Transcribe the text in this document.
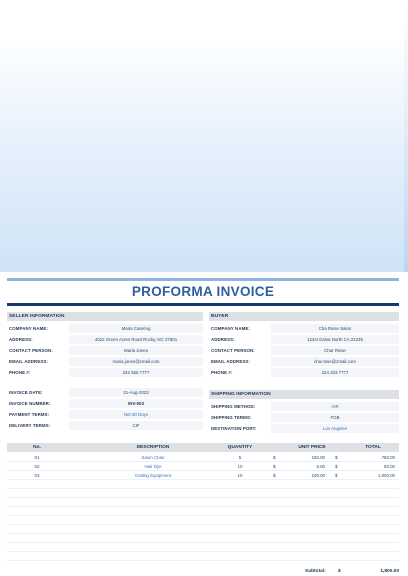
PROFORMA INVOICE
SELLER INFORMATION
COMPANY NAME:	Maria Catering
ADDRESS:	4022 Green Acres Road Rocky, NC 27801
CONTACT PERSON:	Maria Jones
EMAIL ADDRESS:	maria.jones@zmail.com
PHONE #:	222 555 7777
BUYER
COMPANY NAME:	Cha Risse Salon
ADDRESS:	123st Galva North CA 22235
CONTACT PERSON:	Char Risse
EMAIL ADDRESS:	cha.risse@zmail.com
PHONE #:	224 333 7777
INVOICE DATE:	31-Aug-2023
INVOICE NUMBER:	INV-003
PAYMENT TERMS:	Net 30 Days
DELIVERY TERMS:	CIF
SHIPPING INFORMATION
SHIPPING METHOD:	AIR
SHIPPING TERMS:	FOB
DESTINATION PORT:	Los Angeles
No.	DESCRIPTION	QUANTITY	UNIT PRICE	TOTAL
01	Salon Chair	5	$	150.00 $	750.00
02	Hair Dye	10	$	5.00 $	50.00
03	Cutting Equipment	10	$	100.00 $	1,000.00
Subtotal:	$	1,800.00
